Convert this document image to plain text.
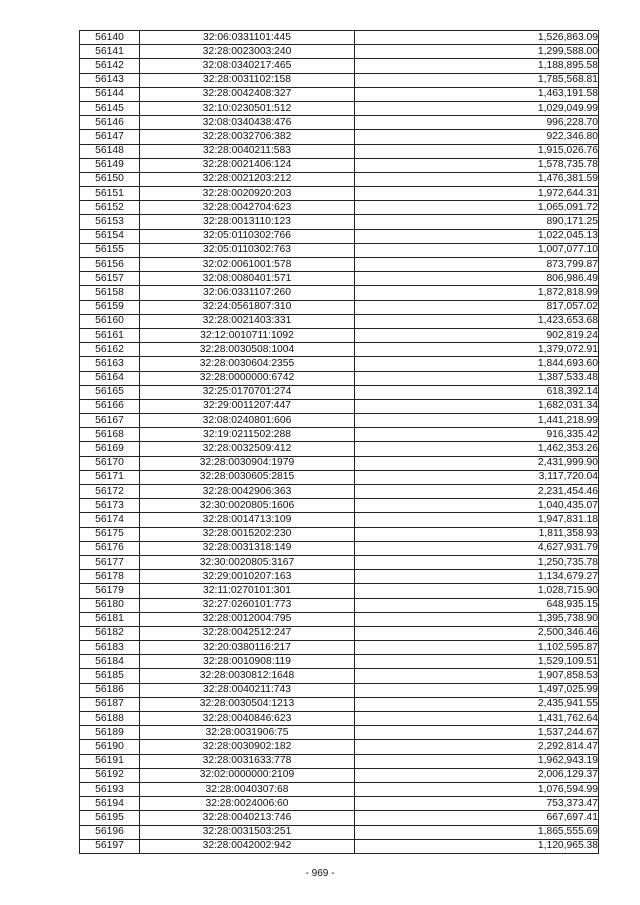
56140	32:06:0331101:445	1,526,863.09
56141	32:28:0023003:240	1,299,588.00
56142	32:08:0340217:465	1,188,895.58
56143	32:28:0031102:158	1,785,568.81
56144	32:28:0042408:327	1,463,191.58
56145	32:10:0230501:512	1,029,049.99
56146	32:08:0340438:476	996,228.70
56147	32:28:0032706:382	922,346.80
56148	32:28:0040211:583	1,915,026.76
56149	32:28:0021406:124	1,578,735.78
56150	32:28:0021203:212	1,476,381.59
56151	32:28:0020920:203	1,972,644.31
56152	32:28:0042704:623	1,065,091.72
56153	32:28:0013110:123	890,171.25
56154	32:05:0110302:766	1,022,045.13
56155	32:05:0110302:763	1,007,077.10
56156	32:02:0061001:578	873,799.87
56157	32:08:0080401:571	806,986.49
56158	32:06:0331107:260	1,872,818.99
56159	32:24:0561807:310	817,057.02
56160	32:28:0021403:331	1,423,653.68
56161	32:12:0010711:1092	902,819.24
56162	32:28:0030508:1004	1,379,072.91
56163	32:28:0030604:2355	1,844,693.60
56164	32:28:0000000:6742	1,387,533.48
56165	32:25:0170701:274	618,392.14
56166	32:29:0011207:447	1,682,031.34
56167	32:08:0240801:606	1,441,218.99
56168	32:19:0211502:288	916,335.42
56169	32:28:0032509:412	1,462,353.26
56170	32:28:0030904:1979	2,431,999.90
56171	32:28:0030605:2815	3,117,720.04
56172	32:28:0042906:363	2,231,454.46
56173	32:30:0020805:1606	1,040,435.07
56174	32:28:0014713:109	1,947,831.18
56175	32:28:0015202:230	1,811,358.93
56176	32:28:0031318:149	4,627,931.79
56177	32:30:0020805:3167	1,250,735.78
56178	32:29:0010207:163	1,134,679.27
56179	32:11:0270101:301	1,028,715.90
56180	32:27:0260101:773	648,935.15
56181	32:28:0012004:795	1,395,738.90
56182	32:28:0042512:247	2,500,346.46
56183	32:20:0380116:217	1,102,595.87
56184	32:28:0010908:119	1,529,109.51
56185	32:28:0030812:1648	1,907,858.53
56186	32:28:0040211:743	1,497,025.99
56187	32:28:0030504:1213	2,435,941.55
56188	32:28:0040846:623	1,431,762.64
56189	32:28:0031906:75	1,537,244.67
56190	32:28:0030902:182	2,292,814.47
56191	32:28:0031633:778	1,962,943.19
56192	32:02:0000000:2109	2,006,129.37
56193	32:28:0040307:68	1,076,594.99
56194	32:28:0024006:60	753,373.47
56195	32:28:0040213:746	667,697.41
56196	32:28:0031503:251	1,865,555.69
56197	32:28:0042002:942	1,120,965.38
- 969 -
